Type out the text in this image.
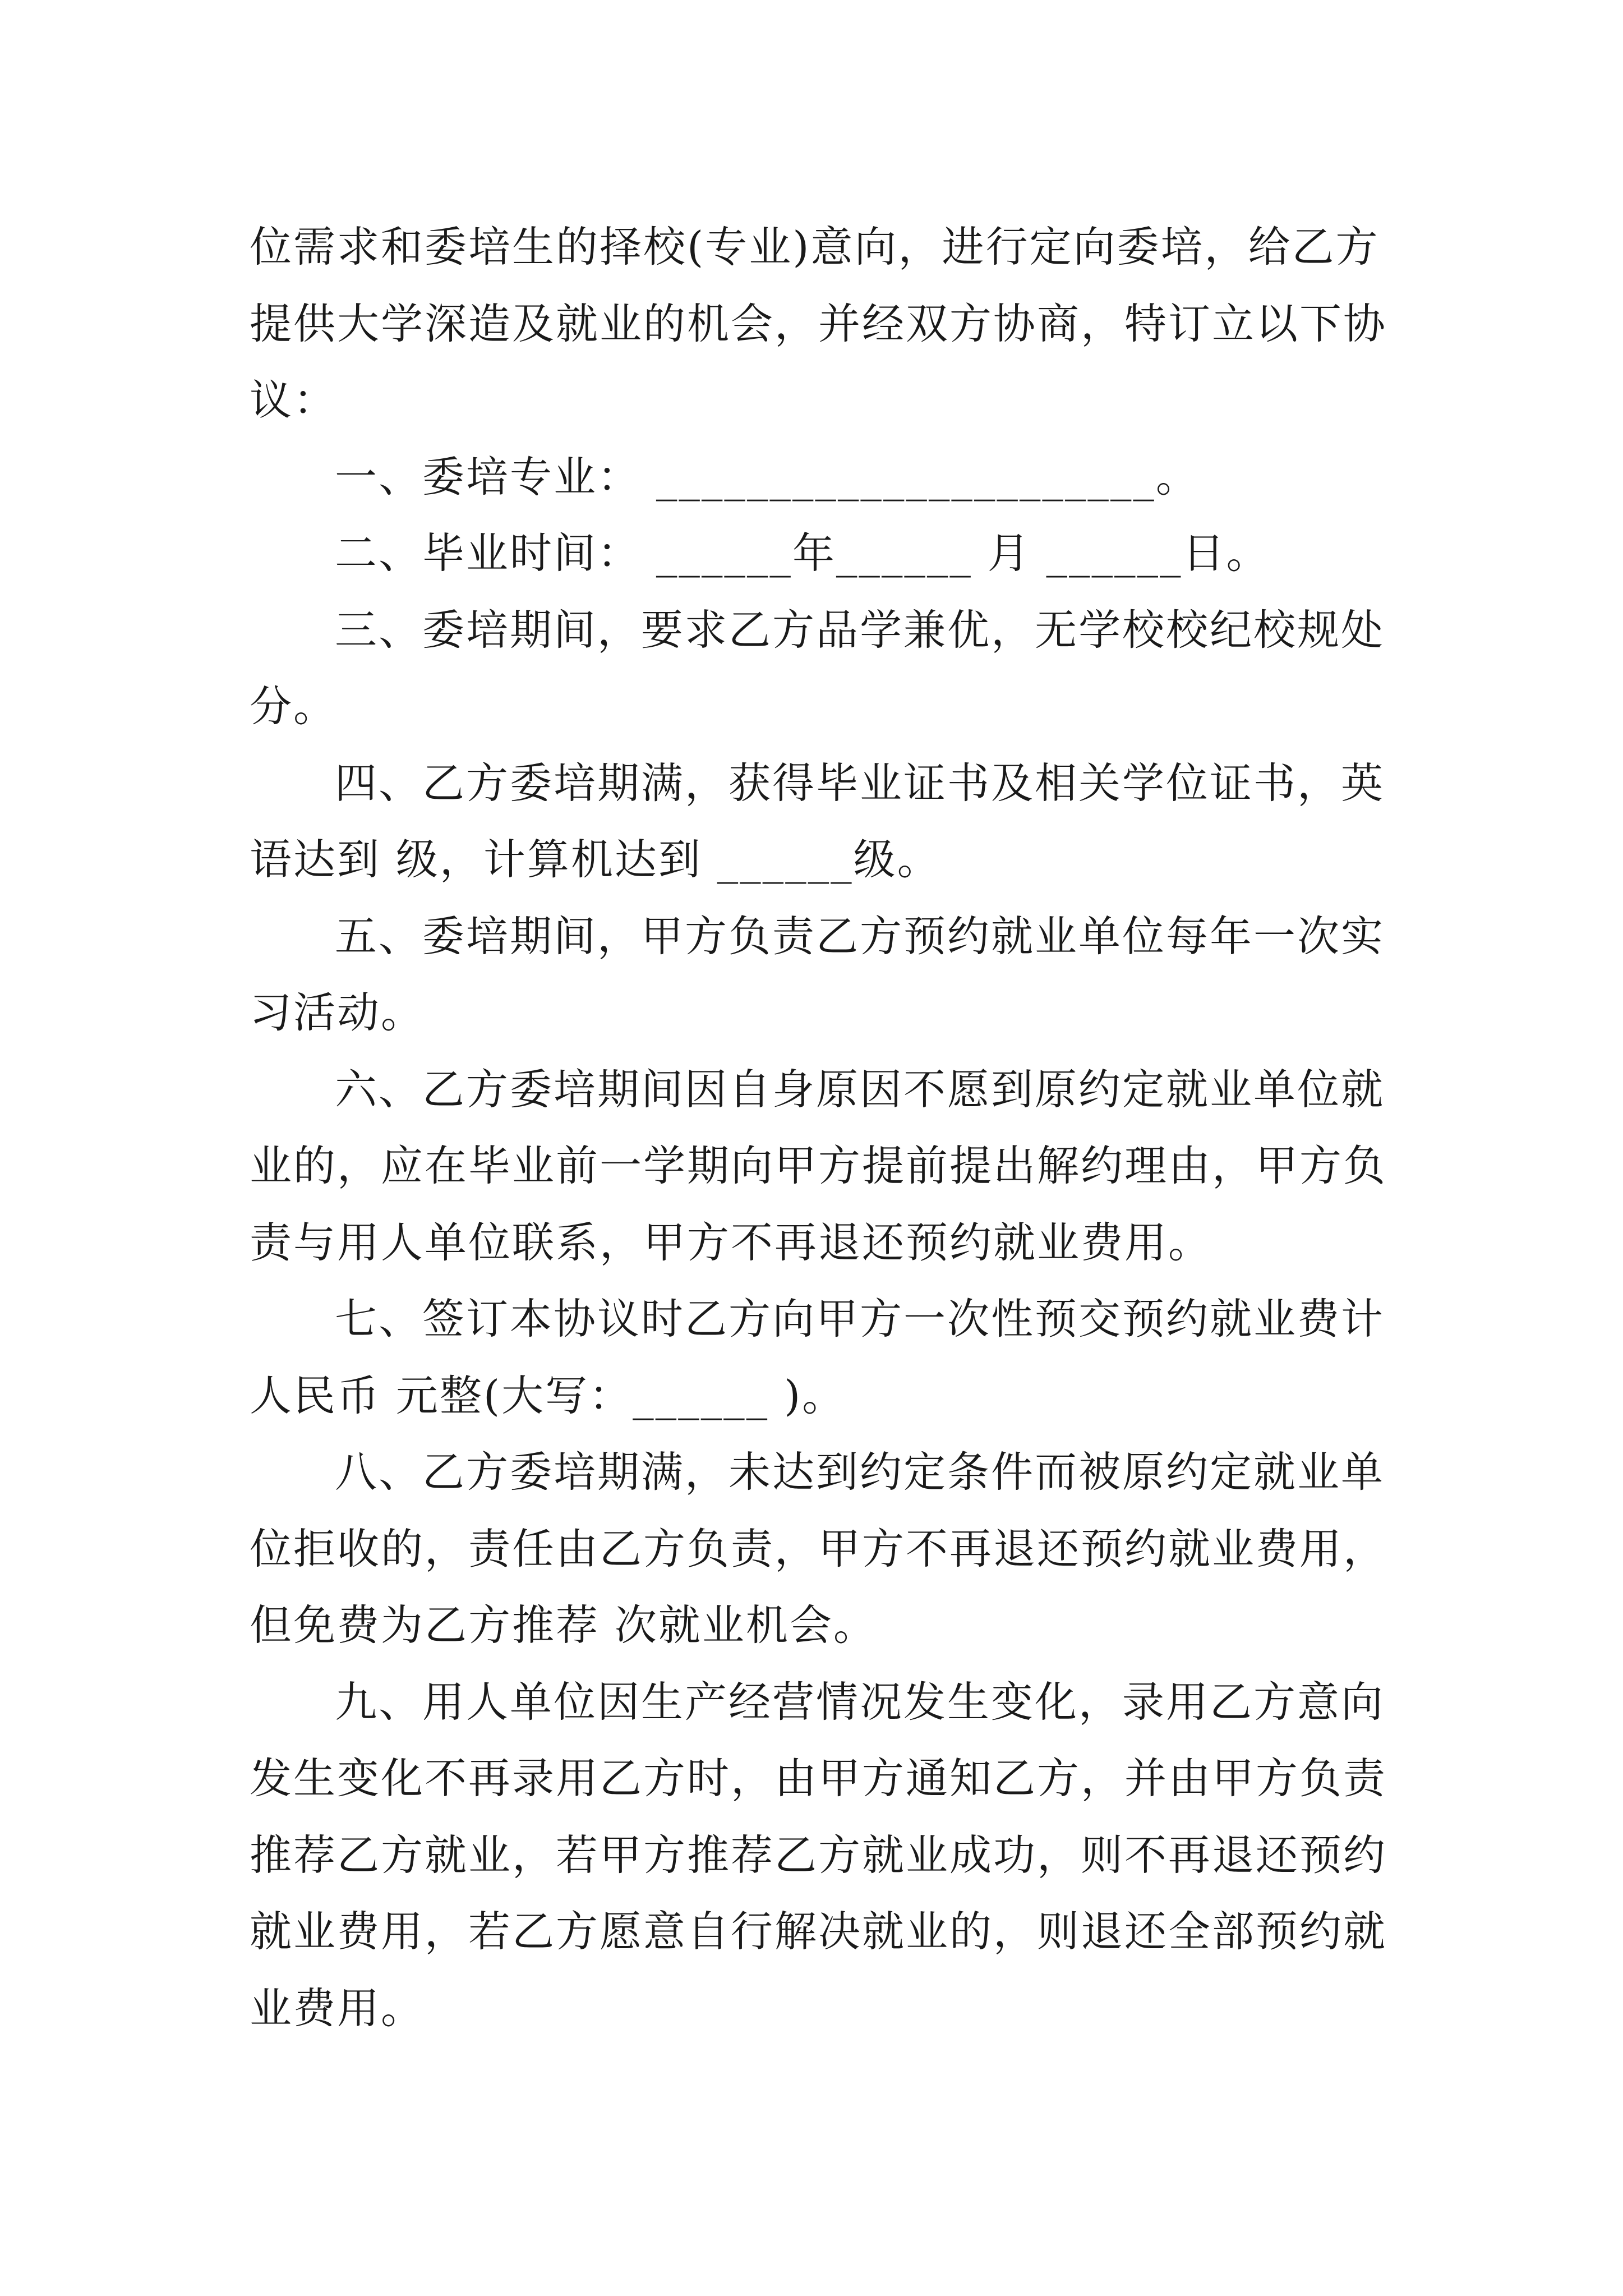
位需求和委培生的择校(专业)意向，进行定向委培，给乙方
提供大学深造及就业的机会，并经双方协商，特订立以下协
议：
一、委培专业： ______________________。
二、毕业时间： ______年______ 月 ______日。
三、委培期间，要求乙方品学兼优，无学校校纪校规处
分。
四、乙方委培期满，获得毕业证书及相关学位证书，英
语达到 级，计算机达到 ______级。
五、委培期间，甲方负责乙方预约就业单位每年一次实
习活动。
六、乙方委培期间因自身原因不愿到原约定就业单位就
业的，应在毕业前一学期向甲方提前提出解约理由，甲方负
责与用人单位联系，甲方不再退还预约就业费用。
七、签订本协议时乙方向甲方一次性预交预约就业费计
人民币 元整(大写：______ )。
八、乙方委培期满，未达到约定条件而被原约定就业单
位拒收的，责任由乙方负责，甲方不再退还预约就业费用，
但免费为乙方推荐 次就业机会。
九、用人单位因生产经营情况发生变化，录用乙方意向
发生变化不再录用乙方时，由甲方通知乙方，并由甲方负责
推荐乙方就业，若甲方推荐乙方就业成功，则不再退还预约
就业费用，若乙方愿意自行解决就业的，则退还全部预约就
业费用。
